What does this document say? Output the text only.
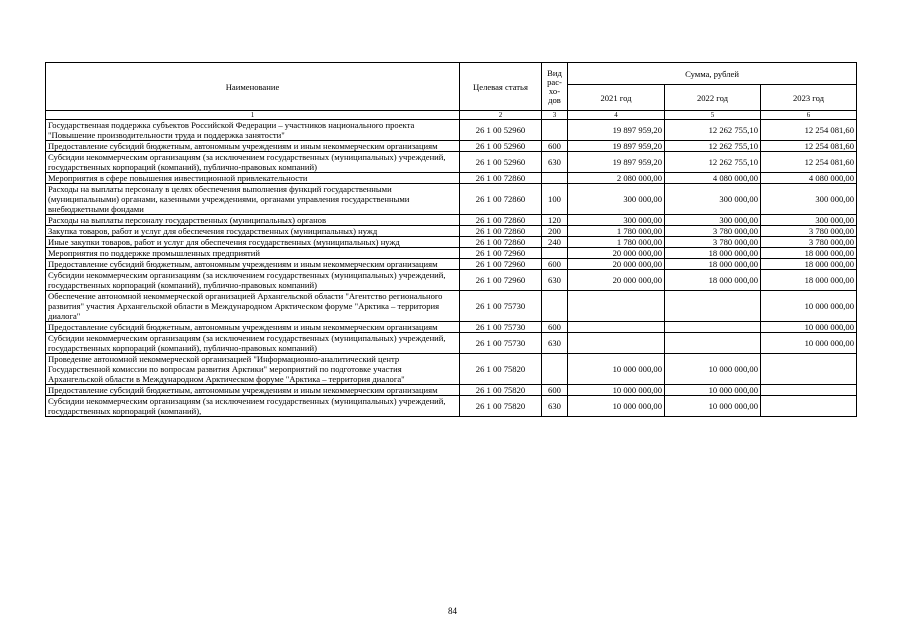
Наименование	Целевая статья	Вид рас-хо-дов	Сумма, рублей		
			2021 год	2022 год	2023 год
1	2	3	4	5	6
Государственная поддержка субъектов Российской Федерации – участников национального проекта "Повышение производительности труда и поддержка занятости"	26 1 00 52960		19 897 959,20	12 262 755,10	12 254 081,60
Предоставление субсидий бюджетным, автономным учреждениям и иным некоммерческим организациям	26 1 00 52960	600	19 897 959,20	12 262 755,10	12 254 081,60
Субсидии некоммерческим организациям (за исключением государственных (муниципальных) учреждений, государственных корпораций (компаний), публично-правовых компаний)	26 1 00 52960	630	19 897 959,20	12 262 755,10	12 254 081,60
Мероприятия в сфере повышения инвестиционной привлекательности	26 1 00 72860		2 080 000,00	4 080 000,00	4 080 000,00
Расходы на выплаты персоналу в целях обеспечения выполнения функций государственными (муниципальными) органами, казенными учреждениями, органами управления государственными внебюджетными фондами	26 1 00 72860	100	300 000,00	300 000,00	300 000,00
Расходы на выплаты персоналу государственных (муниципальных) органов	26 1 00 72860	120	300 000,00	300 000,00	300 000,00
Закупка товаров, работ и услуг для обеспечения государственных (муниципальных) нужд	26 1 00 72860	200	1 780 000,00	3 780 000,00	3 780 000,00
Иные закупки товаров, работ и услуг для обеспечения государственных (муниципальных) нужд	26 1 00 72860	240	1 780 000,00	3 780 000,00	3 780 000,00
Мероприятия по поддержке промышленных предприятий	26 1 00 72960		20 000 000,00	18 000 000,00	18 000 000,00
Предоставление субсидий бюджетным, автономным учреждениям и иным некоммерческим организациям	26 1 00 72960	600	20 000 000,00	18 000 000,00	18 000 000,00
Субсидии некоммерческим организациям (за исключением государственных (муниципальных) учреждений, государственных корпораций (компаний), публично-правовых компаний)	26 1 00 72960	630	20 000 000,00	18 000 000,00	18 000 000,00
Обеспечение автономной некоммерческой организацией Архангельской области "Агентство регионального развития" участия Архангельской области в Международном Арктическом форуме "Арктика – территория диалога"	26 1 00 75730				10 000 000,00
Предоставление субсидий бюджетным, автономным учреждениям и иным некоммерческим организациям	26 1 00 75730	600			10 000 000,00
Субсидии некоммерческим организациям (за исключением государственных (муниципальных) учреждений, государственных корпораций (компаний), публично-правовых компаний)	26 1 00 75730	630			10 000 000,00
Проведение автономной некоммерческой организацией "Информационно-аналитический центр Государственной комиссии по вопросам развития Арктики" мероприятий по подготовке участия Архангельской области в Международном Арктическом форуме "Арктика – территория диалога"	26 1 00 75820		10 000 000,00	10 000 000,00	
Предоставление субсидий бюджетным, автономным учреждениям и иным некоммерческим организациям	26 1 00 75820	600	10 000 000,00	10 000 000,00	
Субсидии некоммерческим организациям (за исключением государственных (муниципальных) учреждений, государственных корпораций (компаний),	26 1 00 75820	630	10 000 000,00	10 000 000,00	
84
